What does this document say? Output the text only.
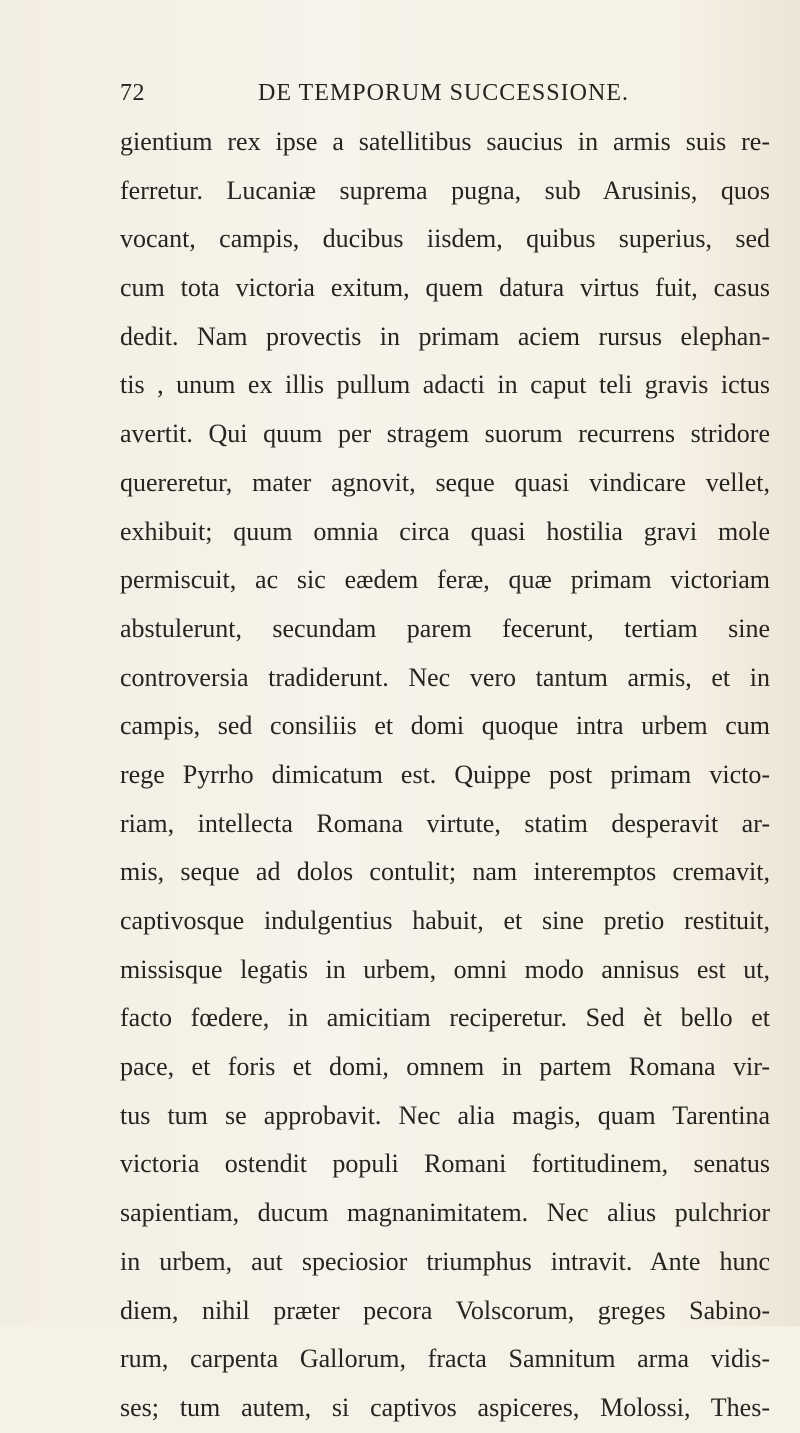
72	DE TEMPORUM SUCCESSIONE.
gientium rex ipse a satellitibus saucius in armis suis re-
ferretur. Lucaniæ suprema pugna, sub Arusinis, quos
vocant, campis, ducibus iisdem, quibus superius, sed
cum tota victoria exitum, quem datura virtus fuit, casus
dedit. Nam provectis in primam aciem rursus elephan-
tis , unum ex illis pullum adacti in caput teli gravis ictus
avertit. Qui quum per stragem suorum recurrens stridore
quereretur, mater agnovit, seque quasi vindicare vellet,
exhibuit; quum omnia circa quasi hostilia gravi mole
permiscuit, ac sic eædem feræ, quæ primam victoriam
abstulerunt, secundam parem fecerunt, tertiam sine
controversia tradiderunt. Nec vero tantum armis, et in
campis, sed consiliis et domi quoque intra urbem cum
rege Pyrrho dimicatum est. Quippe post primam victo-
riam, intellecta Romana virtute, statim desperavit ar-
mis, seque ad dolos contulit; nam interemptos cremavit,
captivosque indulgentius habuit, et sine pretio restituit,
missisque legatis in urbem, omni modo annisus est ut,
facto fœdere, in amicitiam reciperetur. Sed èt bello et
pace, et foris et domi, omnem in partem Romana vir-
tus tum se approbavit. Nec alia magis, quam Tarentina
victoria ostendit populi Romani fortitudinem, senatus
sapientiam, ducum magnanimitatem. Nec alius pulchrior
in urbem, aut speciosior triumphus intravit. Ante hunc
diem, nihil præter pecora Volscorum, greges Sabino-
rum, carpenta Gallorum, fracta Samnitum arma vidis-
ses; tum autem, si captivos aspiceres, Molossi, Thes-
